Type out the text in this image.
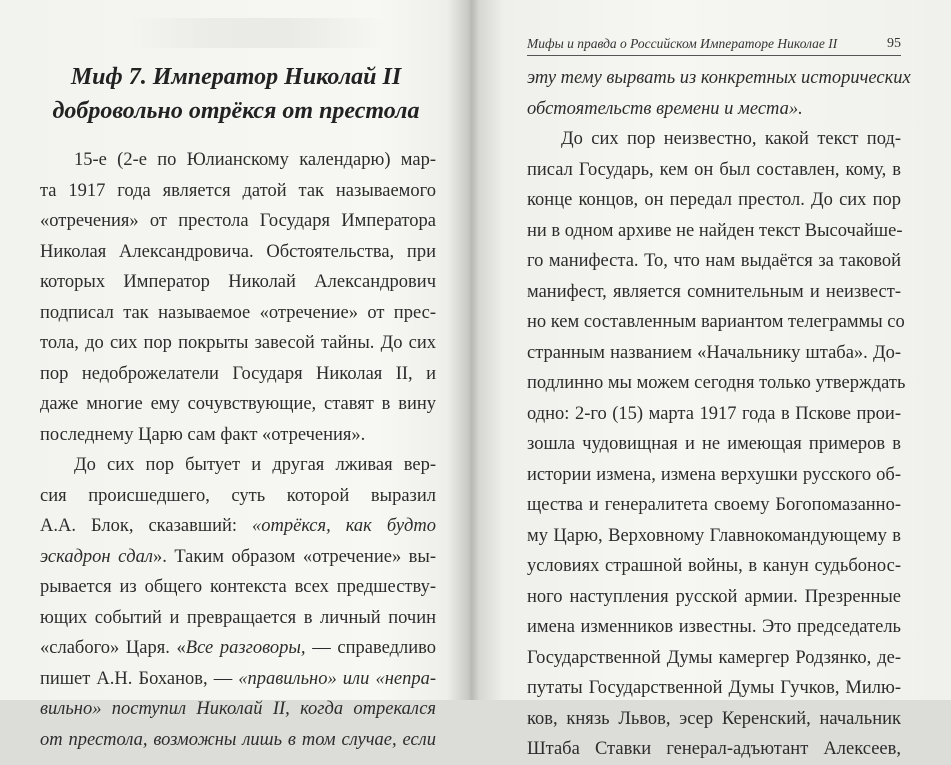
Миф 7. Император Николай II
добровольно отрёкся от престола
15-е (2-е по Юлианскому календарю) мар-
та 1917 года является датой так называемого
«отречения» от престола Государя Императора
Николая Александровича. Обстоятельства, при
которых Император Николай Александрович
подписал так называемое «отречение» от прес-
тола, до сих пор покрыты завесой тайны. До сих
пор недоброжелатели Государя Николая II, и
даже многие ему сочувствующие, ставят в вину
последнему Царю сам факт «отречения».
До сих пор бытует и другая лживая вер-
сия происшедшего, суть которой выразил
А.А. Блок, сказавший: «отрёкся, как будто
эскадрон сдал». Таким образом «отречение» вы-
рывается из общего контекста всех предшеству-
ющих событий и превращается в личный почин
«слабого» Царя. «Все разговоры, — справедливо
пишет А.Н. Боханов, — «правильно» или «непра-
вильно» поступил Николай II, когда отрекался
от престола, возможны лишь в том случае, если
Мифы и правда о Российском Императоре Николае II	95
эту тему вырвать из конкретных исторических
обстоятельств времени и места».
До сих пор неизвестно, какой текст под-
писал Государь, кем он был составлен, кому, в
конце концов, он передал престол. До сих пор
ни в одном архиве не найден текст Высочайше-
го манифеста. То, что нам выдаётся за таковой
манифест, является сомнительным и неизвест-
но кем составленным вариантом телеграммы со
странным названием «Начальнику штаба». До-
подлинно мы можем сегодня только утверждать
одно: 2-го (15) марта 1917 года в Пскове прои-
зошла чудовищная и не имеющая примеров в
истории измена, измена верхушки русского об-
щества и генералитета своему Богопомазанно-
му Царю, Верховному Главнокомандующему в
условиях страшной войны, в канун судьбонос-
ного наступления русской армии. Презренные
имена изменников известны. Это председатель
Государственной Думы камергер Родзянко, де-
путаты Государственной Думы Гучков, Милю-
ков, князь Львов, эсер Керенский, начальник
Штаба Ставки генерал-адъютант Алексеев,
